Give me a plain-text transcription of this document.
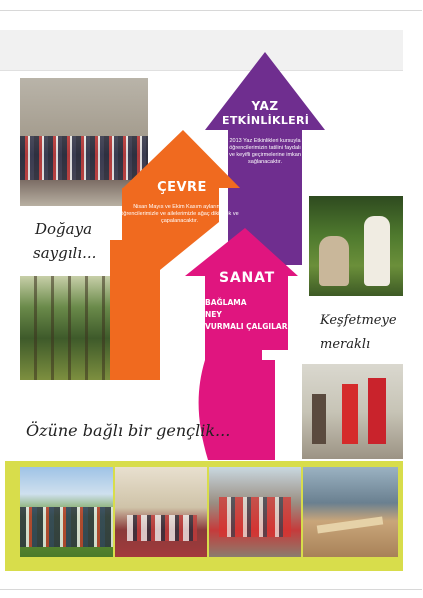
YAZ
ETKİNLİKLERİ
2013 Yaz Etkinlikleri kursuyla öğrencilerimizin tatilini faydalı ve keyifli geçirmelerine imkan sağlanacaktır.
ÇEVRE
Nisan Mayıs ve Ekim Kasım aylarında öğrencilerimizle ve ailelerimizle ağaç dikilerek ve çapalanacaktır.
SANAT
BAĞLAMA
NEY
VURMALI ÇALGILAR
Doğaya
saygılı...
Keşfetmeye
meraklı
Özüne bağlı bir gençlik...
